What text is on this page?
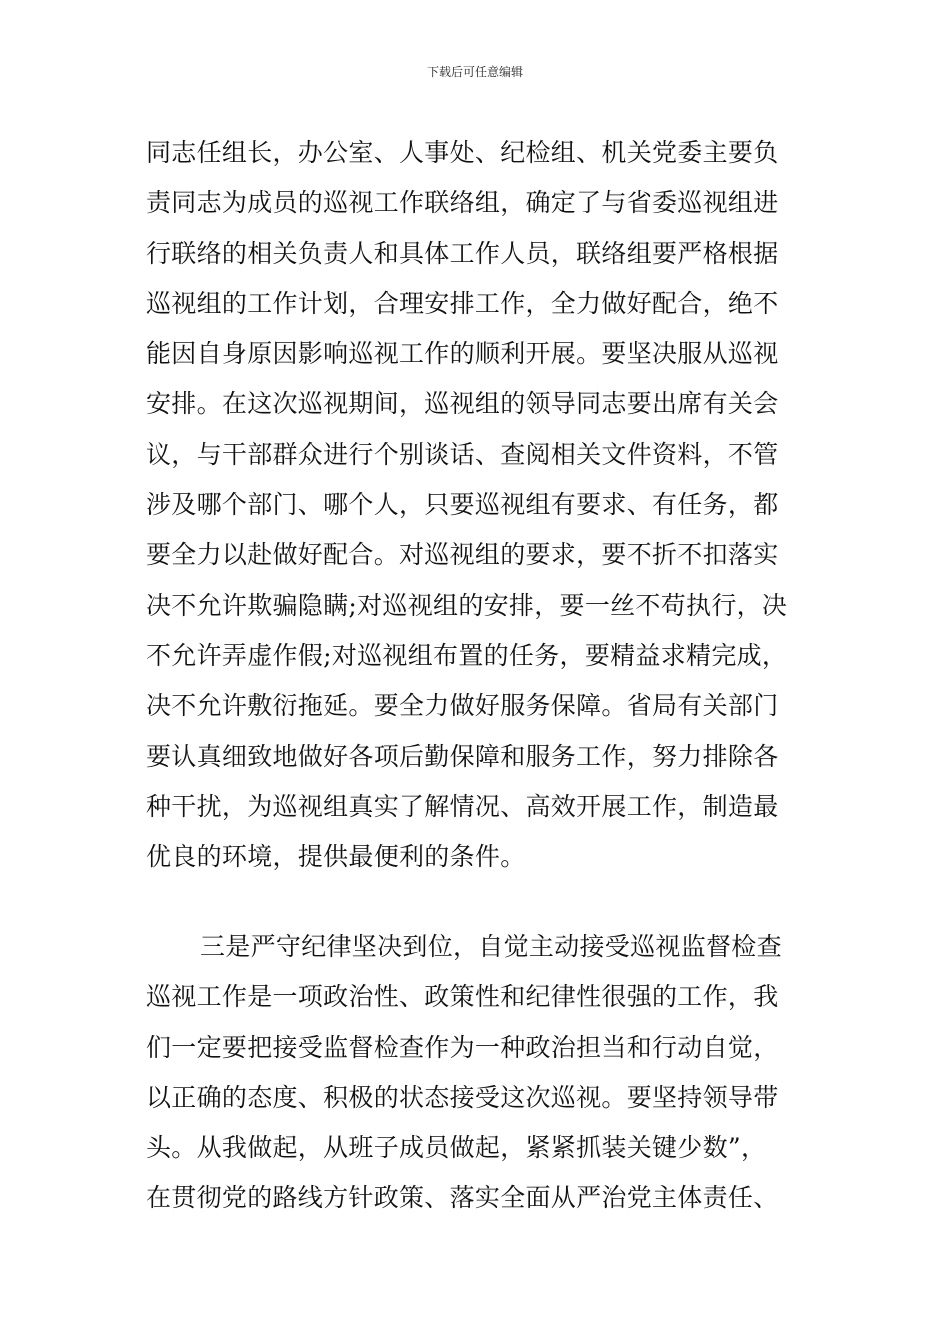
下载后可任意编辑
同志任组长，办公室、人事处、纪检组、机关党委主要负
责同志为成员的巡视工作联络组，确定了与省委巡视组进
行联络的相关负责人和具体工作人员，联络组要严格根据
巡视组的工作计划，合理安排工作，全力做好配合，绝不
能因自身原因影响巡视工作的顺利开展。要坚决服从巡视
安排。在这次巡视期间，巡视组的领导同志要出席有关会
议，与干部群众进行个别谈话、查阅相关文件资料，不管
涉及哪个部门、哪个人，只要巡视组有要求、有任务，都
要全力以赴做好配合。对巡视组的要求，要不折不扣落实
决不允许欺骗隐瞒;对巡视组的安排，要一丝不苟执行，决
不允许弄虚作假;对巡视组布置的任务，要精益求精完成，
决不允许敷衍拖延。要全力做好服务保障。省局有关部门
要认真细致地做好各项后勤保障和服务工作，努力排除各
种干扰，为巡视组真实了解情况、高效开展工作，制造最
优良的环境，提供最便利的条件。
三是严守纪律坚决到位，自觉主动接受巡视监督检查
巡视工作是一项政治性、政策性和纪律性很强的工作，我
们一定要把接受监督检查作为一种政治担当和行动自觉，
以正确的态度、积极的状态接受这次巡视。要坚持领导带
头。从我做起，从班子成员做起，紧紧抓装关键少数”，
在贯彻党的路线方针政策、落实全面从严治党主体责任、
